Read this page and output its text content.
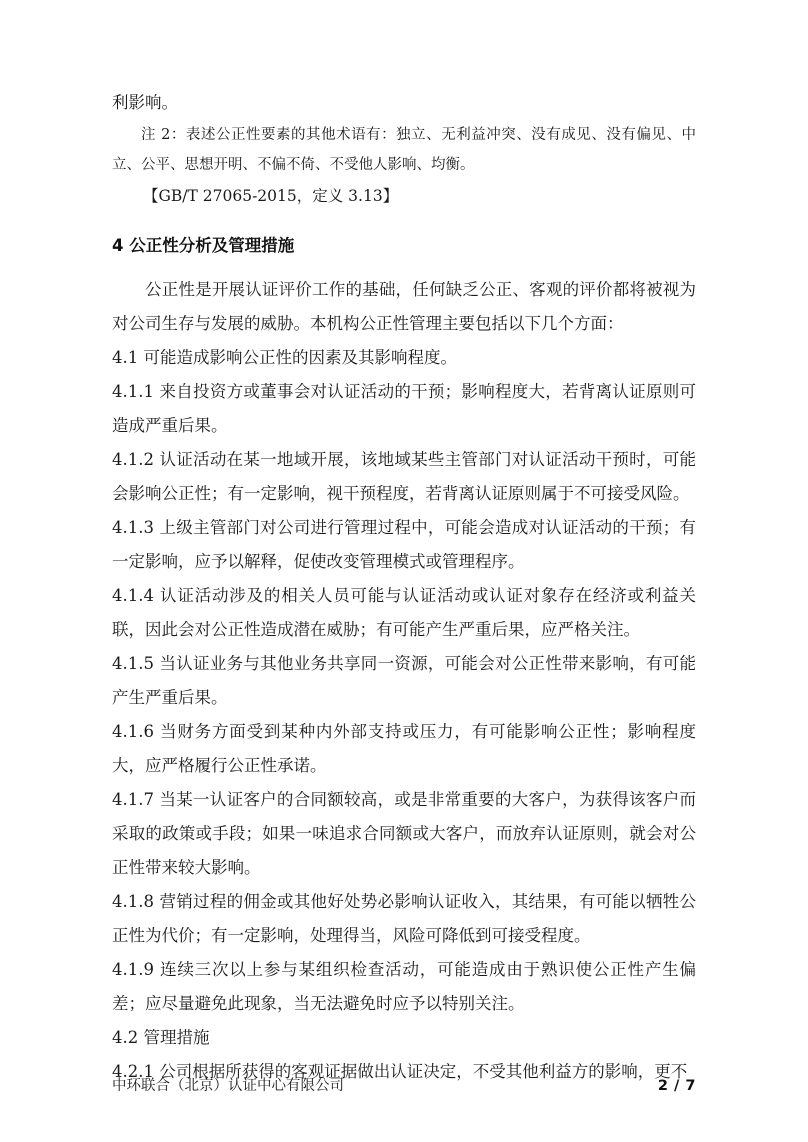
利影响。

注 2：表述公正性要素的其他术语有：独立、无利益冲突、没有成见、没有偏见、中立、公平、思想开明、不偏不倚、不受他人影响、均衡。

【GB/T 27065-2015，定义 3.13】

4 公正性分析及管理措施

公正性是开展认证评价工作的基础，任何缺乏公正、客观的评价都将被视为对公司生存与发展的威胁。本机构公正性管理主要包括以下几个方面：

4.1 可能造成影响公正性的因素及其影响程度。

4.1.1 来自投资方或董事会对认证活动的干预；影响程度大，若背离认证原则可造成严重后果。

4.1.2 认证活动在某一地域开展，该地域某些主管部门对认证活动干预时，可能会影响公正性；有一定影响，视干预程度，若背离认证原则属于不可接受风险。

4.1.3 上级主管部门对公司进行管理过程中，可能会造成对认证活动的干预；有一定影响，应予以解释，促使改变管理模式或管理程序。

4.1.4 认证活动涉及的相关人员可能与认证活动或认证对象存在经济或利益关联，因此会对公正性造成潜在威胁；有可能产生严重后果，应严格关注。

4.1.5 当认证业务与其他业务共享同一资源，可能会对公正性带来影响，有可能产生严重后果。

4.1.6 当财务方面受到某种内外部支持或压力，有可能影响公正性；影响程度大，应严格履行公正性承诺。

4.1.7 当某一认证客户的合同额较高，或是非常重要的大客户，为获得该客户而采取的政策或手段；如果一味追求合同额或大客户，而放弃认证原则，就会对公正性带来较大影响。

4.1.8 营销过程的佣金或其他好处势必影响认证收入，其结果，有可能以牺牲公正性为代价；有一定影响，处理得当，风险可降低到可接受程度。

4.1.9 连续三次以上参与某组织检查活动，可能造成由于熟识使公正性产生偏差；应尽量避免此现象，当无法避免时应予以特别关注。

4.2 管理措施

4.2.1 公司根据所获得的客观证据做出认证决定，不受其他利益方的影响，更不

中环联合（北京）认证中心有限公司	2 / 7
